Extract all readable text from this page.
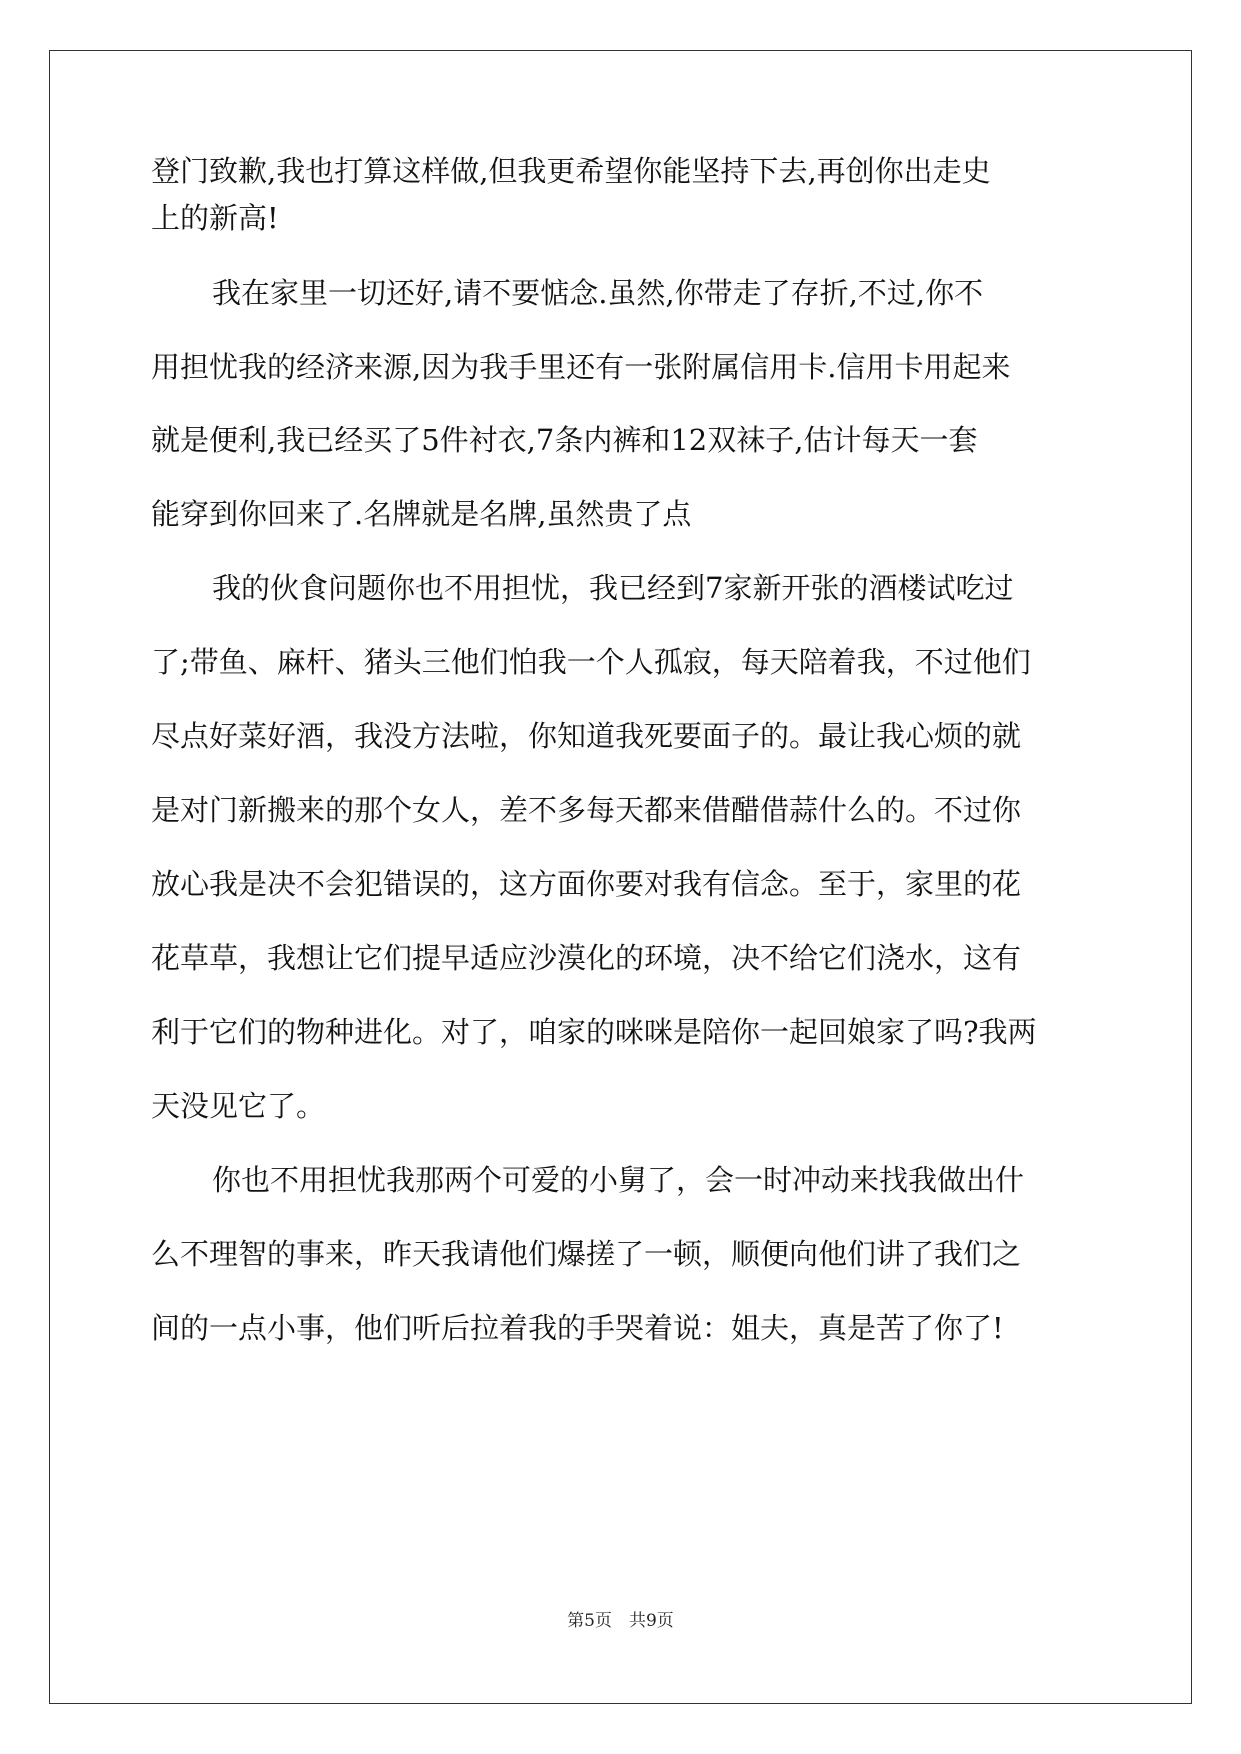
登门致歉,我也打算这样做,但我更希望你能坚持下去,再创你出走史
上的新高!
我在家里一切还好,请不要惦念.虽然,你带走了存折,不过,你不
用担忧我的经济来源,因为我手里还有一张附属信用卡.信用卡用起来
就是便利,我已经买了5件衬衣,7条内裤和12双袜子,估计每天一套
能穿到你回来了.名牌就是名牌,虽然贵了点
我的伙食问题你也不用担忧，我已经到7家新开张的酒楼试吃过
了;带鱼、麻杆、猪头三他们怕我一个人孤寂，每天陪着我，不过他们
尽点好菜好酒，我没方法啦，你知道我死要面子的。最让我心烦的就
是对门新搬来的那个女人，差不多每天都来借醋借蒜什么的。不过你
放心我是决不会犯错误的，这方面你要对我有信念。至于，家里的花
花草草，我想让它们提早适应沙漠化的环境，决不给它们浇水，这有
利于它们的物种进化。对了，咱家的咪咪是陪你一起回娘家了吗?我两
天没见它了。
你也不用担忧我那两个可爱的小舅了，会一时冲动来找我做出什
么不理智的事来，昨天我请他们爆搓了一顿，顺便向他们讲了我们之
间的一点小事，他们听后拉着我的手哭着说：姐夫，真是苦了你了!
第5页　共9页
